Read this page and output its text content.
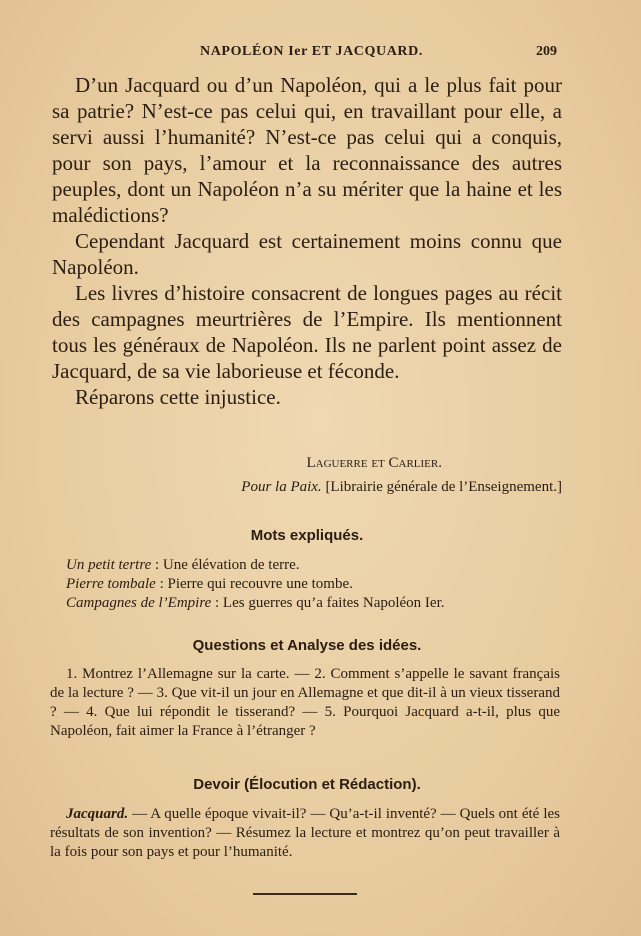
NAPOLÉON Ier ET JACQUARD.	209

D’un Jacquard ou d’un Napoléon, qui a le plus fait pour sa patrie? N’est-ce pas celui qui, en travaillant pour elle, a servi aussi l’humanité? N’est-ce pas celui qui a conquis, pour son pays, l’amour et la reconnaissance des autres peuples, dont un Napoléon n’a su mériter que la haine et les malédictions?

Cependant Jacquard est certainement moins connu que Napoléon.

Les livres d’histoire consacrent de longues pages au récit des campagnes meurtrières de l’Empire. Ils mentionnent tous les généraux de Napoléon. Ils ne parlent point assez de Jacquard, de sa vie laborieuse et féconde.

Réparons cette injustice.

Laguerre et Carlier.
Pour la Paix. [Librairie générale de l’Enseignement.]
Mots expliqués.
Un petit tertre : Une élévation de terre.
Pierre tombale : Pierre qui recouvre une tombe.
Campagnes de l’Empire : Les guerres qu’a faites Napoléon Ier.
Questions et Analyse des idées.

1. Montrez l’Allemagne sur la carte. — 2. Comment s’appelle le savant français de la lecture ? — 3. Que vit-il un jour en Allemagne et que dit-il à un vieux tisserand ? — 4. Que lui répondit le tisserand? — 5. Pourquoi Jacquard a-t-il, plus que Napoléon, fait aimer la France à l’étranger ?

Devoir (Élocution et Rédaction).

Jacquard. — A quelle époque vivait-il? — Qu’a-t-il inventé? — Quels ont été les résultats de son invention? — Résumez la lecture et montrez qu’on peut travailler à la fois pour son pays et pour l’humanité.
